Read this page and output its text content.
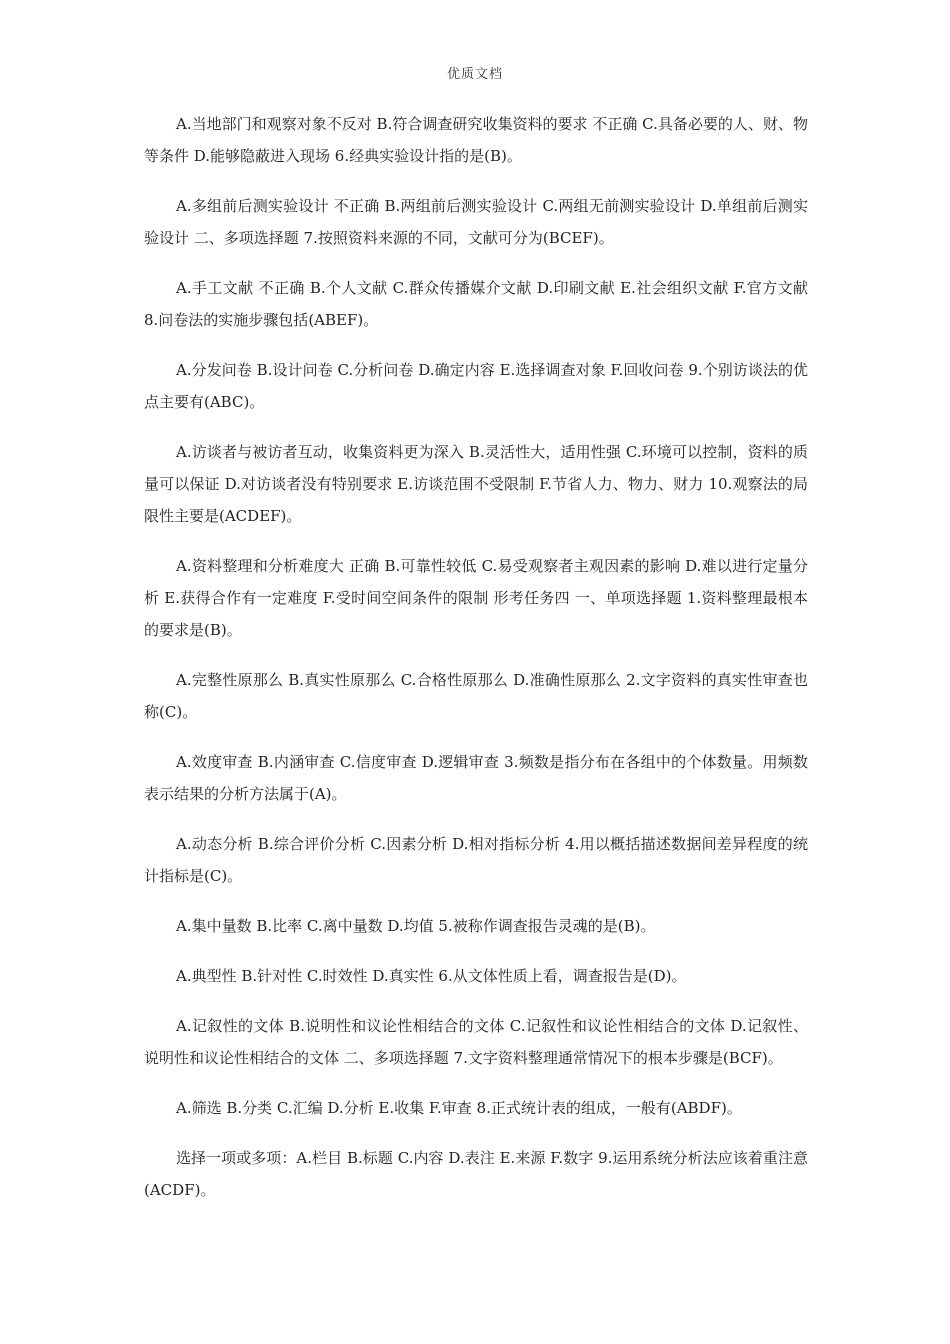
优质文档

A.当地部门和观察对象不反对 B.符合调查研究收集资料的要求 不正确 C.具备必要的人、财、物等条件 D.能够隐蔽进入现场 6.经典实验设计指的是(B)。

A.多组前后测实验设计 不正确 B.两组前后测实验设计 C.两组无前测实验设计 D.单组前后测实验设计 二、多项选择题 7.按照资料来源的不同，文献可分为(BCEF)。

A.手工文献 不正确 B.个人文献 C.群众传播媒介文献 D.印刷文献 E.社会组织文献 F.官方文献 8.问卷法的实施步骤包括(ABEF)。

A.分发问卷 B.设计问卷 C.分析问卷 D.确定内容 E.选择调查对象 F.回收问卷 9.个别访谈法的优点主要有(ABC)。

A.访谈者与被访者互动，收集资料更为深入 B.灵活性大，适用性强 C.环境可以控制，资料的质量可以保证 D.对访谈者没有特别要求 E.访谈范围不受限制 F.节省人力、物力、财力 10.观察法的局限性主要是(ACDEF)。

A.资料整理和分析难度大 正确 B.可靠性较低 C.易受观察者主观因素的影响 D.难以进行定量分析 E.获得合作有一定难度 F.受时间空间条件的限制 形考任务四 一、单项选择题 1.资料整理最根本的要求是(B)。

A.完整性原那么 B.真实性原那么 C.合格性原那么 D.准确性原那么 2.文字资料的真实性审查也称(C)。

A.效度审查 B.内涵审查 C.信度审查 D.逻辑审查 3.频数是指分布在各组中的个体数量。用频数表示结果的分析方法属于(A)。

A.动态分析 B.综合评价分析 C.因素分析 D.相对指标分析 4.用以概括描述数据间差异程度的统计指标是(C)。

A.集中量数 B.比率 C.离中量数 D.均值 5.被称作调查报告灵魂的是(B)。

A.典型性 B.针对性 C.时效性 D.真实性 6.从文体性质上看，调查报告是(D)。

A.记叙性的文体 B.说明性和议论性相结合的文体 C.记叙性和议论性相结合的文体 D.记叙性、说明性和议论性相结合的文体 二、多项选择题 7.文字资料整理通常情况下的根本步骤是(BCF)。

A.筛选 B.分类 C.汇编 D.分析 E.收集 F.审查 8.正式统计表的组成，一般有(ABDF)。

选择一项或多项：A.栏目 B.标题 C.内容 D.表注 E.来源 F.数字 9.运用系统分析法应该着重注意(ACDF)。
